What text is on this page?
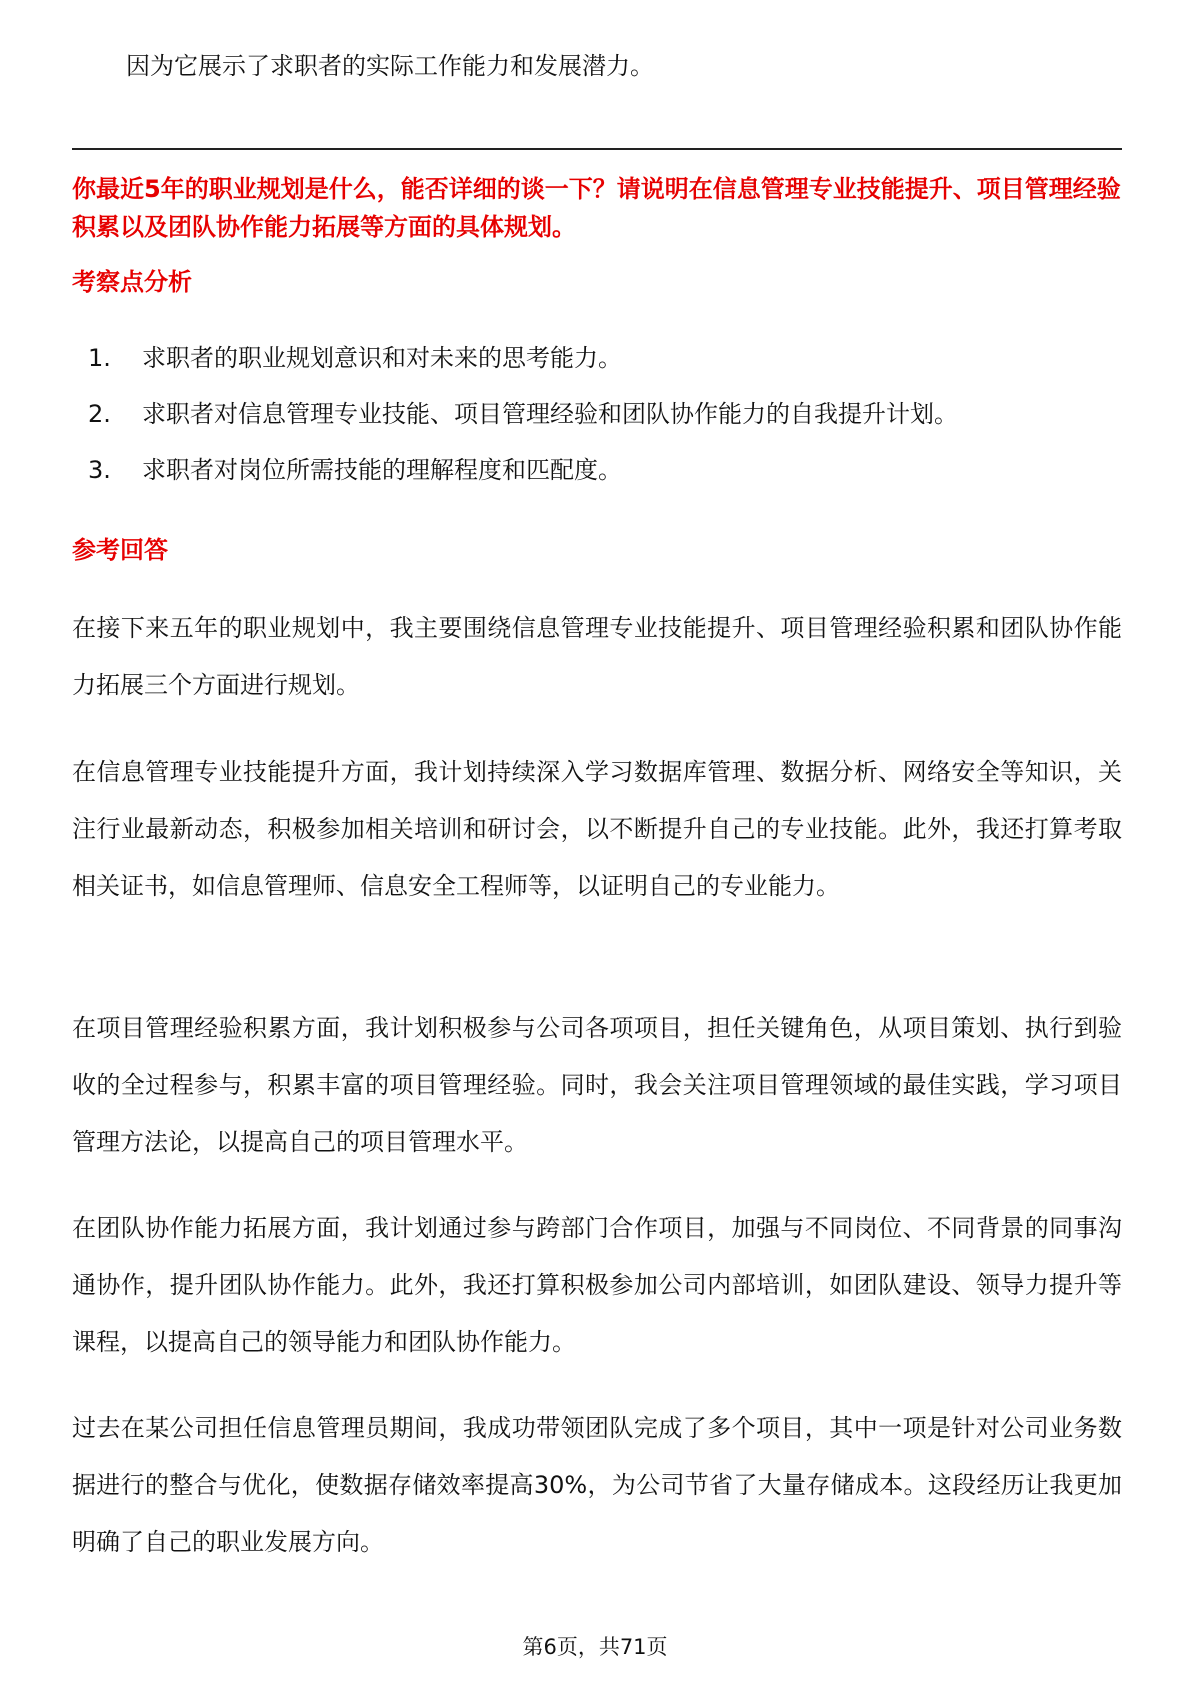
因为它展示了求职者的实际工作能力和发展潜力。

你最近5年的职业规划是什么，能否详细的谈一下？请说明在信息管理专业技能提升、项目管理经验积累以及团队协作能力拓展等方面的具体规划。

考察点分析

1.	求职者的职业规划意识和对未来的思考能力。
2.	求职者对信息管理专业技能、项目管理经验和团队协作能力的自我提升计划。
3.	求职者对岗位所需技能的理解程度和匹配度。

参考回答

在接下来五年的职业规划中，我主要围绕信息管理专业技能提升、项目管理经验积累和团队协作能力拓展三个方面进行规划。

在信息管理专业技能提升方面，我计划持续深入学习数据库管理、数据分析、网络安全等知识，关注行业最新动态，积极参加相关培训和研讨会，以不断提升自己的专业技能。此外，我还打算考取相关证书，如信息管理师、信息安全工程师等，以证明自己的专业能力。

在项目管理经验积累方面，我计划积极参与公司各项项目，担任关键角色，从项目策划、执行到验收的全过程参与，积累丰富的项目管理经验。同时，我会关注项目管理领域的最佳实践，学习项目管理方法论，以提高自己的项目管理水平。

在团队协作能力拓展方面，我计划通过参与跨部门合作项目，加强与不同岗位、不同背景的同事沟通协作，提升团队协作能力。此外，我还打算积极参加公司内部培训，如团队建设、领导力提升等课程，以提高自己的领导能力和团队协作能力。

过去在某公司担任信息管理员期间，我成功带领团队完成了多个项目，其中一项是针对公司业务数据进行的整合与优化，使数据存储效率提高30%，为公司节省了大量存储成本。这段经历让我更加明确了自己的职业发展方向。

第6页，共71页
